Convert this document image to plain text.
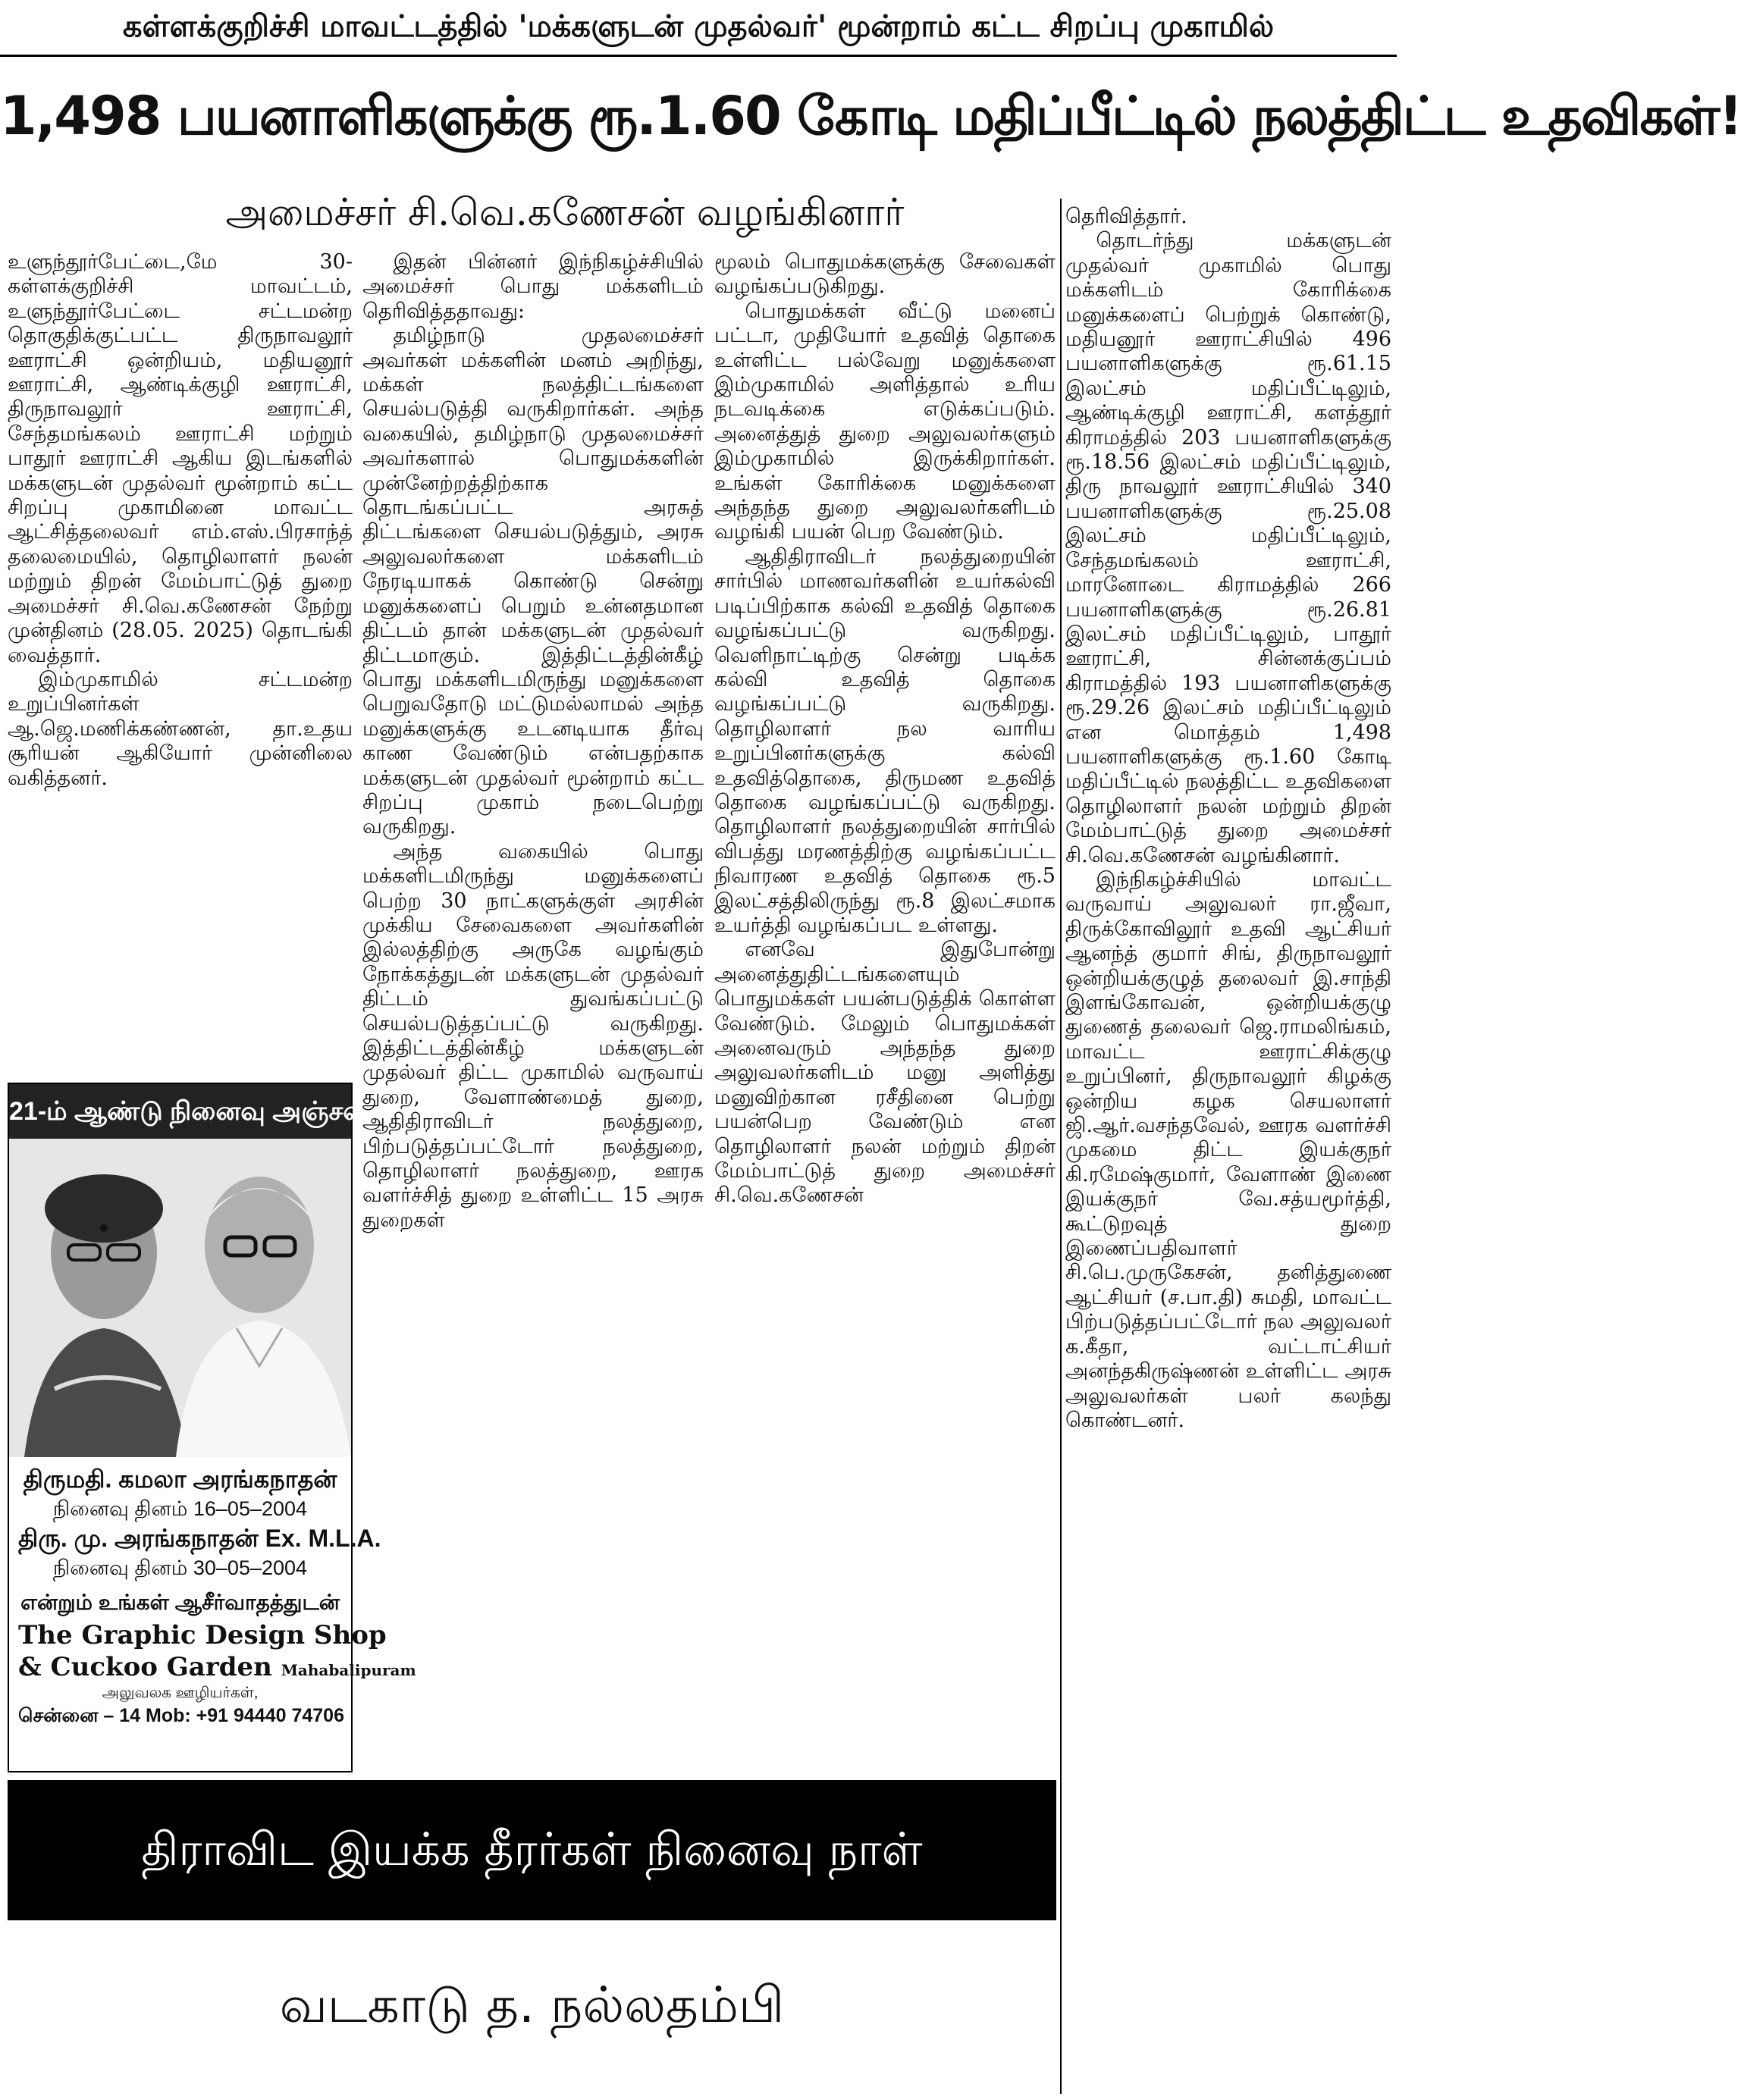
கள்ளக்குறிச்சி மாவட்டத்தில் 'மக்களுடன் முதல்வர்' மூன்றாம் கட்ட சிறப்பு முகாமில்
1,498 பயனாளிகளுக்கு ரூ.1.60 கோடி மதிப்பீட்டில் நலத்திட்ட உதவிகள்!
அமைச்சர் சி.வெ.கணேசன் வழங்கினார்

உளுந்தூர்பேட்டை,மே 30- கள்ளக்குறிச்சி மாவட்டம், உளுந்தூர்பேட்டை சட்டமன்ற தொகுதிக்குட்பட்ட திருநாவலூர் ஊராட்சி ஒன்றியம், மதியனூர் ஊராட்சி, ஆண்டிக்குழி ஊராட்சி, திருநாவலூர் ஊராட்சி, சேந்தமங்கலம் ஊராட்சி மற்றும் பாதூர் ஊராட்சி ஆகிய இடங்களில் மக்களுடன் முதல்வர் மூன்றாம் கட்ட சிறப்பு முகாமினை மாவட்ட ஆட்சித்தலைவர் எம்.எஸ்.பிரசாந்த் தலைமையில், தொழிலாளர் நலன் மற்றும் திறன் மேம்பாட்டுத் துறை அமைச்சர் சி.வெ.கணேசன் நேற்று முன்தினம் (28.05. 2025) தொடங்கி வைத்தார்.

இம்முகாமில் சட்டமன்ற உறுப்பினர்கள் ஆ.ஜெ.மணிக்கண்ணன், தா.உதய சூரியன் ஆகியோர் முன்னிலை வகித்தனர்.

21-ம் ஆண்டு நினைவு அஞ்சலி
திருமதி. கமலா அரங்கநாதன்
நினைவு தினம் 16–05–2004
திரு. மு. அரங்கநாதன் Ex. M.L.A.
நினைவு தினம் 30–05–2004
என்றும் உங்கள் ஆசீர்வாதத்துடன்
The Graphic Design Shop
& Cuckoo Garden Mahabalipuram
அலுவலக ஊழியர்கள்,
சென்னை – 14 Mob: +91 94440 74706

இதன் பின்னர் இந்நிகழ்ச்சியில் அமைச்சர் பொது மக்களிடம் தெரிவித்ததாவது:

தமிழ்நாடு முதலமைச்சர் அவர்கள் மக்களின் மனம் அறிந்து, மக்கள் நலத்திட்டங்களை செயல்படுத்தி வருகிறார்கள். அந்த வகையில், தமிழ்நாடு முதலமைச்சர் அவர்களால் பொதுமக்களின் முன்னேற்றத்திற்காக தொடங்கப்பட்ட அரசுத் திட்டங்களை செயல்படுத்தும், அரசு அலுவலர்களை மக்களிடம் நேரடியாகக் கொண்டு சென்று மனுக்களைப் பெறும் உன்னதமான திட்டம் தான் மக்களுடன் முதல்வர் திட்டமாகும். இத்திட்டத்தின்கீழ் பொது மக்களிடமிருந்து மனுக்களை பெறுவதோடு மட்டுமல்லாமல் அந்த மனுக்களுக்கு உடனடியாக தீர்வு காண வேண்டும் என்பதற்காக மக்களுடன் முதல்வர் மூன்றாம் கட்ட சிறப்பு முகாம் நடைபெற்று வருகிறது.

அந்த வகையில் பொது மக்களிடமிருந்து மனுக்களைப் பெற்ற 30 நாட்களுக்குள் அரசின் முக்கிய சேவைகளை அவர்களின் இல்லத்திற்கு அருகே வழங்கும் நோக்கத்துடன் மக்களுடன் முதல்வர் திட்டம் துவங்கப்பட்டு செயல்படுத்தப்பட்டு வருகிறது. இத்திட்டத்தின்கீழ் மக்களுடன் முதல்வர் திட்ட முகாமில் வருவாய் துறை, வேளாண்மைத் துறை, ஆதிதிராவிடர் நலத்துறை, பிற்படுத்தப்பட்டோர் நலத்துறை, தொழிலாளர் நலத்துறை, ஊரக வளர்ச்சித் துறை உள்ளிட்ட 15 அரசு துறைகள்

மூலம் பொதுமக்களுக்கு சேவைகள் வழங்கப்படுகிறது.

பொதுமக்கள் வீட்டு மனைப் பட்டா, முதியோர் உதவித் தொகை உள்ளிட்ட பல்வேறு மனுக்களை இம்முகாமில் அளித்தால் உரிய நடவடிக்கை எடுக்கப்படும். அனைத்துத் துறை அலுவலர்களும் இம்முகாமில் இருக்கிறார்கள். உங்கள் கோரிக்கை மனுக்களை அந்தந்த துறை அலுவலர்களிடம் வழங்கி பயன் பெற வேண்டும்.

ஆதிதிராவிடர் நலத்துறையின் சார்பில் மாணவர்களின் உயர்கல்வி படிப்பிற்காக கல்வி உதவித் தொகை வழங்கப்பட்டு வருகிறது. வெளிநாட்டிற்கு சென்று படிக்க கல்வி உதவித் தொகை வழங்கப்பட்டு வருகிறது. தொழிலாளர் நல வாரிய உறுப்பினர்களுக்கு கல்வி உதவித்தொகை, திருமண உதவித் தொகை வழங்கப்பட்டு வருகிறது. தொழிலாளர் நலத்துறையின் சார்பில் விபத்து மரணத்திற்கு வழங்கப்பட்ட நிவாரண உதவித் தொகை ரூ.5 இலட்சத்திலிருந்து ரூ.8 இலட்சமாக உயர்த்தி வழங்கப்பட உள்ளது.

எனவே இதுபோன்று அனைத்துதிட்டங்களையும் பொதுமக்கள் பயன்படுத்திக் கொள்ள வேண்டும். மேலும் பொதுமக்கள் அனைவரும் அந்தந்த துறை அலுவலர்களிடம் மனு அளித்து மனுவிற்கான ரசீதினை பெற்று பயன்பெற வேண்டும் என தொழிலாளர் நலன் மற்றும் திறன் மேம்பாட்டுத் துறை அமைச்சர் சி.வெ.கணேசன்

தெரிவித்தார்.

தொடர்ந்து மக்களுடன் முதல்வர் முகாமில் பொது மக்களிடம் கோரிக்கை மனுக்களைப் பெற்றுக் கொண்டு, மதியனூர் ஊராட்சியில் 496 பயனாளிகளுக்கு ரூ.61.15 இலட்சம் மதிப்பீட்டிலும், ஆண்டிக்குழி ஊராட்சி, களத்தூர் கிராமத்தில் 203 பயனாளிகளுக்கு ரூ.18.56 இலட்சம் மதிப்பீட்டிலும், திரு நாவலூர் ஊராட்சியில் 340 பயனாளிகளுக்கு ரூ.25.08 இலட்சம் மதிப்பீட்டிலும், சேந்தமங்கலம் ஊராட்சி, மாரனோடை கிராமத்தில் 266 பயனாளிகளுக்கு ரூ.26.81 இலட்சம் மதிப்பீட்டிலும், பாதூர் ஊராட்சி, சின்னக்குப்பம் கிராமத்தில் 193 பயனாளிகளுக்கு ரூ.29.26 இலட்சம் மதிப்பீட்டிலும் என மொத்தம் 1,498 பயனாளிகளுக்கு ரூ.1.60 கோடி மதிப்பீட்டில் நலத்திட்ட உதவிகளை தொழிலாளர் நலன் மற்றும் திறன் மேம்பாட்டுத் துறை அமைச்சர் சி.வெ.கணேசன் வழங்கினார்.

இந்நிகழ்ச்சியில் மாவட்ட வருவாய் அலுவலர் ரா.ஜீவா, திருக்கோவிலூர் உதவி ஆட்சியர் ஆனந்த் குமார் சிங், திருநாவலூர் ஒன்றியக்குழுத் தலைவர் இ.சாந்தி இளங்கோவன், ஒன்றியக்குழு துணைத் தலைவர் ஜெ.ராமலிங்கம், மாவட்ட ஊராட்சிக்குழு உறுப்பினர், திருநாவலூர் கிழக்கு ஒன்றிய கழக செயலாளர் ஜி.ஆர்.வசந்தவேல், ஊரக வளர்ச்சி முகமை திட்ட இயக்குநர் கி.ரமேஷ்குமார், வேளாண் இணை இயக்குநர் வே.சத்யமூர்த்தி, கூட்டுறவுத் துறை இணைப்பதிவாளர் சி.பெ.முருகேசன், தனித்துணை ஆட்சியர் (ச.பா.தி) சுமதி, மாவட்ட பிற்படுத்தப்பட்டோர் நல அலுவலர் க.கீதா, வட்டாட்சியர் அனந்தகிருஷ்ணன் உள்ளிட்ட அரசு அலுவலர்கள் பலர் கலந்து கொண்டனர்.

திராவிட இயக்க தீரர்கள் நினைவு நாள்
வடகாடு த. நல்லதம்பி
